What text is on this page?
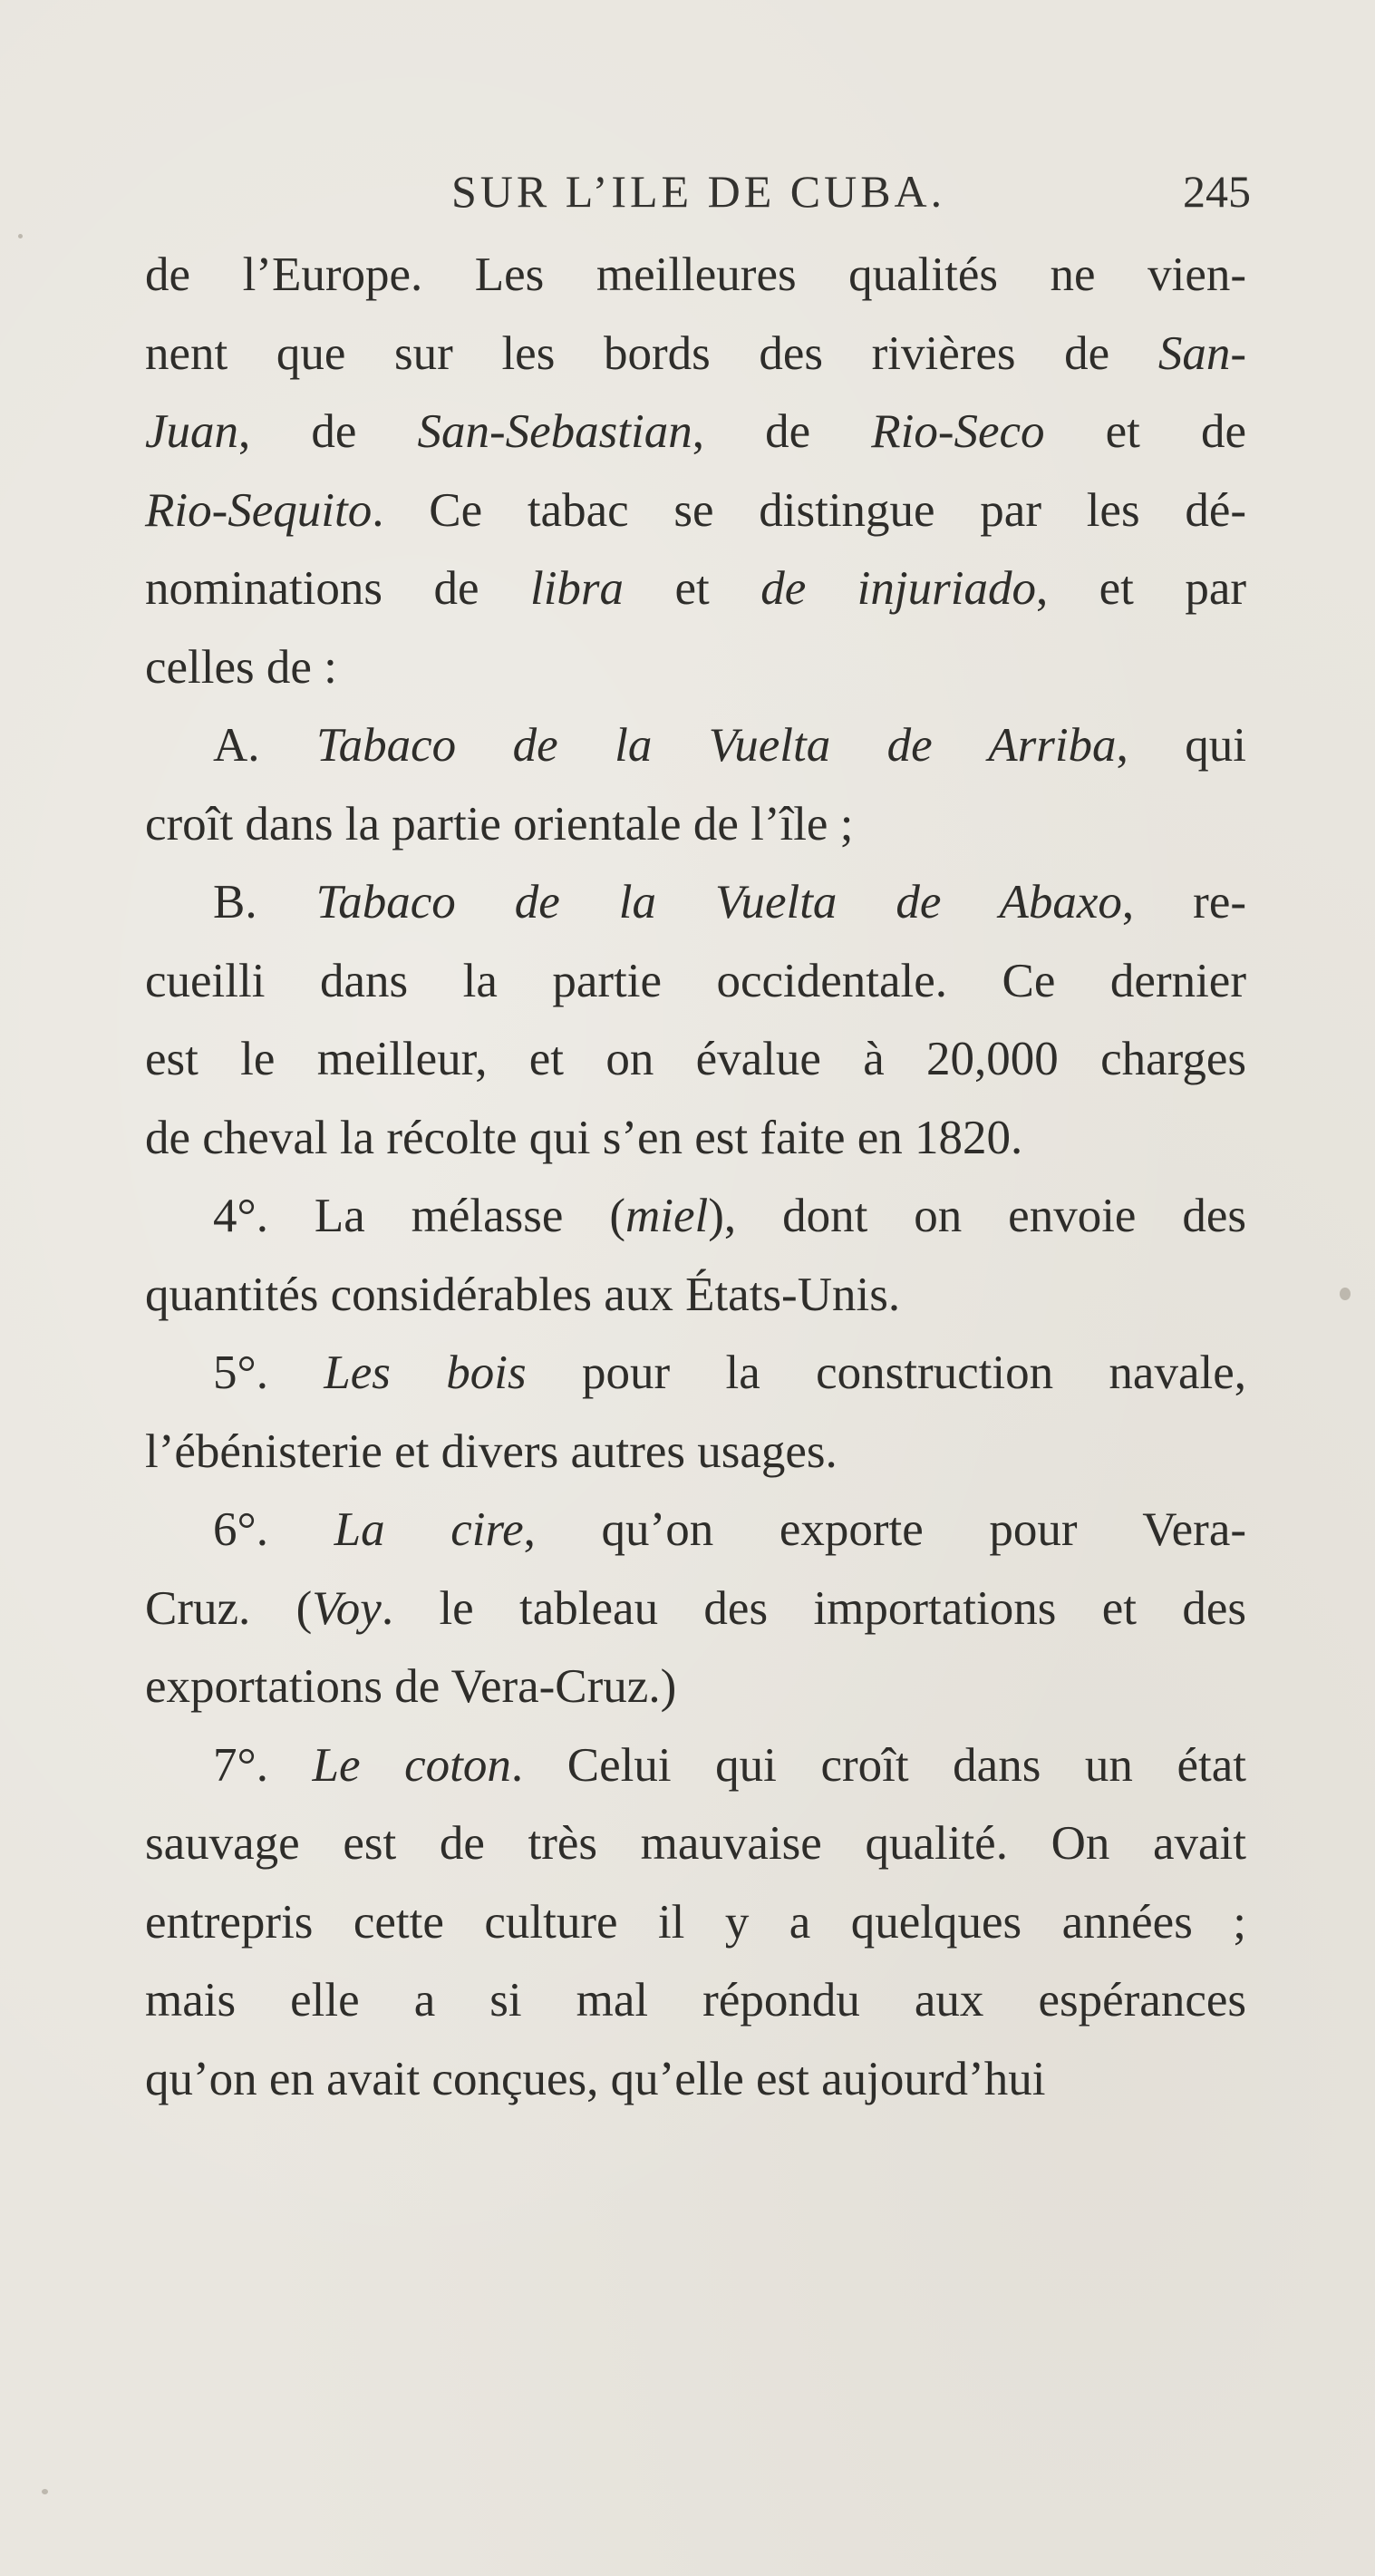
SUR L’ILE DE CUBA.	245

de l’Europe. Les meilleures qualités ne vien-
nent que sur les bords des rivières de San-
Juan, de San-Sebastian, de Rio-Seco et de
Rio-Sequito. Ce tabac se distingue par les dé-
nominations de libra et de injuriado, et par
celles de :

A. Tabaco de la Vuelta de Arriba, qui
croît dans la partie orientale de l’île ;

B. Tabaco de la Vuelta de Abaxo, re-
cueilli dans la partie occidentale. Ce dernier
est le meilleur, et on évalue à 20,000 charges
de cheval la récolte qui s’en est faite en 1820.

4°. La mélasse (miel), dont on envoie des
quantités considérables aux États-Unis.

5°. Les bois pour la construction navale,
l’ébénisterie et divers autres usages.

6°. La cire, qu’on exporte pour Vera-
Cruz. (Voy. le tableau des importations et des
exportations de Vera-Cruz.)

7°. Le coton. Celui qui croît dans un état
sauvage est de très mauvaise qualité. On avait
entrepris cette culture il y a quelques années ;
mais elle a si mal répondu aux espérances
qu’on en avait conçues, qu’elle est aujourd’hui
